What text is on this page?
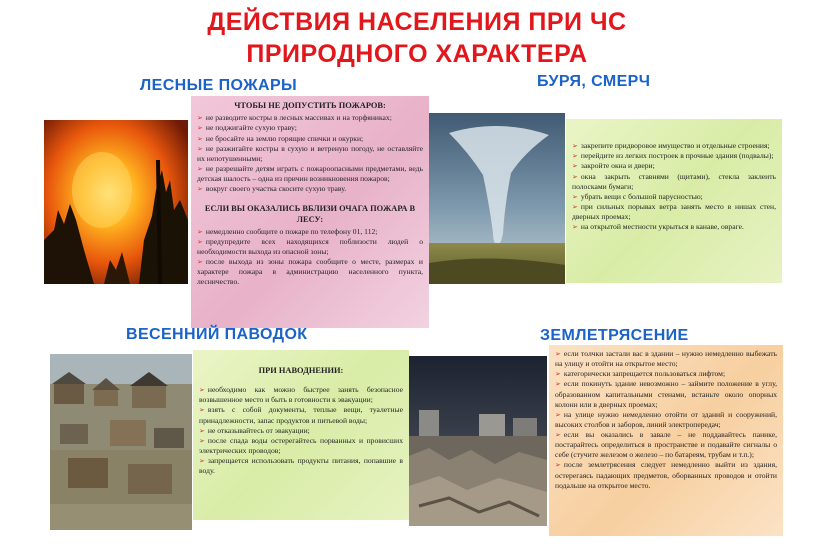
ДЕЙСТВИЯ НАСЕЛЕНИЯ ПРИ ЧС
ПРИРОДНОГО ХАРАКТЕРА
ЛЕСНЫЕ ПОЖАРЫ
ЧТОБЫ НЕ ДОПУСТИТЬ ПОЖАРОВ:
➢ не разводите костры в лесных массивах и на торфяниках;
➢ не поджигайте сухую траву;
➢ не бросайте на землю горящие спички и окурки;
➢ не разжигайте костры в сухую и ветреную погоду, не оставляйте их непотушенными;
➢ не разрешайте детям играть с пожароопасными предметами, ведь детская шалость – одна из причин возникновения пожаров;
➢ вокруг своего участка скосите сухую траву.
ЕСЛИ ВЫ ОКАЗАЛИСЬ ВБЛИЗИ ОЧАГА ПОЖАРА В ЛЕСУ:
➢ немедленно сообщите о пожаре по телефону 01, 112;
➢ предупредите всех находящихся поблизости людей о необходимости выхода из опасной зоны;
➢ после выхода из зоны пожара сообщите о месте, размерах и характере пожара в администрацию населенного пункта, лесничество.
БУРЯ, СМЕРЧ
➢ закрепите придворовое имущество и отдельные строения;
➢ перейдите из легких построек в прочные здания (подвалы);
➢ закройте окна и двери;
➢ окна закрыть ставнями (щитами), стекла заклеить полосками бумаги;
➢ убрать вещи с большой парусностью;
➢ при сильных порывах ветра занять место в нишах стен, дверных проемах;
➢ на открытой местности укрыться в канаве, овраге.
ВЕСЕННИЙ ПАВОДОК
ПРИ НАВОДНЕНИИ:
➢ необходимо как можно быстрее занять безопасное возвышенное место и быть в готовности к эвакуации;
➢ взять с собой документы, теплые вещи, туалетные принадлежности, запас продуктов и питьевой воды;
➢ не отказывайтесь от эвакуации;
➢ после спада воды остерегайтесь порванных и провисших электрических проводов;
➢ запрещается использовать продукты питания, попавшие в воду.
ЗЕМЛЕТРЯСЕНИЕ
➢ если толчки застали вас в здании – нужно немедленно выбежать на улицу и отойти на открытое место;
➢ категорически запрещается пользоваться лифтом;
➢ если покинуть здание невозможно – займите положение в углу, образованном капитальными стенами, встаньте около опорных колонн или в дверных проемах;
➢ на улице нужно немедленно отойти от зданий и сооружений, высоких столбов и заборов, линий электропередач;
➢ если вы оказались в завале – не поддавайтесь панике, постарайтесь определиться в пространстве и подавайте сигналы о себе (стучите железом о железо – по батареям, трубам и т.п.);
➢ после землетрясения следует немедленно выйти из здания, остерегаясь падающих предметов, оборванных проводов и отойти подальше на открытое место.
